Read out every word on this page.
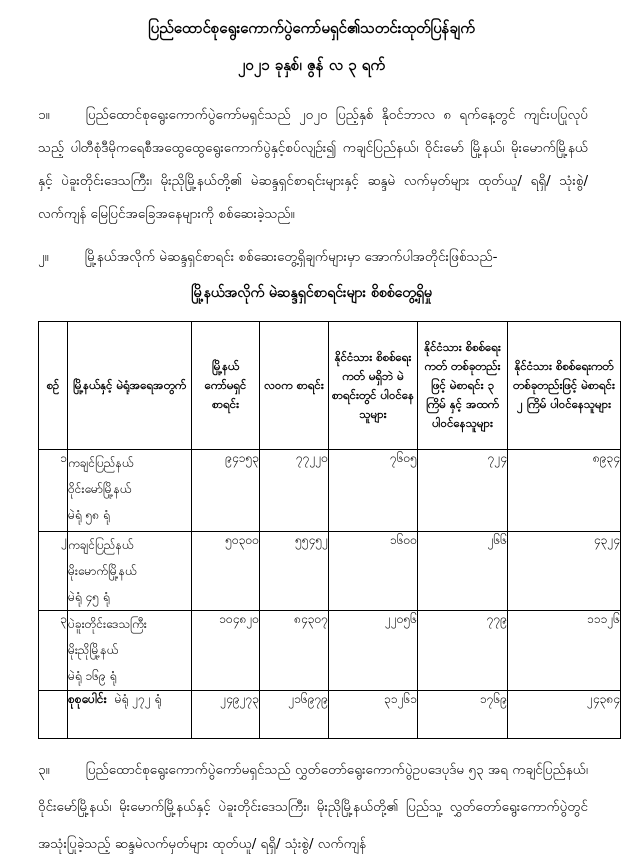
ပြည်ထောင်စုရွေးကောက်ပွဲကော်မရှင်၏သတင်းထုတ်ပြန်ချက်
၂၀၂၁ ခုနှစ်၊ ဇွန် လ ၃ ရက်

၁။	ပြည်ထောင်စုရွေးကောက်ပွဲကော်မရှင်သည် ၂၀၂၀ ပြည့်နှစ် နိုဝင်ဘာလ ၈ ရက်နေ့တွင် ကျင်းပပြုလုပ်သည့် ပါတီစုံဒီမိုကရေစီအထွေထွေရွေးကောက်ပွဲနှင့်စပ်လျဉ်း၍ ကချင်ပြည်နယ်၊ ဝိုင်းမော် မြို့နယ်၊ မိုးမောက်မြို့နယ်နှင့် ပဲခူးတိုင်းဒေသကြီး၊ မိုးညိုမြို့နယ်တို့၏ မဲဆန္ဒရှင်စာရင်းများနှင့် ဆန္ဒမဲ လက်မှတ်များ ထုတ်ယူ/ ရရှိ/ သုံးစွဲ/ လက်ကျန် မြေပြင်အခြေအနေများကို စစ်ဆေးခဲ့သည်။

၂။	မြို့နယ်အလိုက် မဲဆန္ဒရှင်စာရင်း စစ်ဆေးတွေ့ရှိချက်များမှာ အောက်ပါအတိုင်းဖြစ်သည်-

မြို့နယ်အလိုက် မဲဆန္ဒရှင်စာရင်းများ စိစစ်တွေ့ရှိမှု
စဉ်	မြို့နယ်နှင့် မဲရုံအရေအတွက်	မြို့နယ် ကော်မရှင် စာရင်း	လဝက စာရင်း	နိုင်ငံသား စိစစ်ရေးကတ် မရှိဘဲ မဲစာရင်းတွင် ပါဝင်နေသူများ	နိုင်ငံသား စိစစ်ရေးကတ် တစ်ခုတည်းဖြင့် မဲစာရင်း ၃ ကြိမ် နှင့် အထက် ပါဝင်နေသူများ	နိုင်ငံသား စိစစ်ရေးကတ် တစ်ခုတည်းဖြင့် မဲစာရင်း ၂ ကြိမ် ပါဝင်နေသူများ
၁	ကချင်ပြည်နယ်
ဝိုင်းမော်မြို့နယ်
မဲရုံ ၅၈ ရုံ	၉၄၁၅၃	၇၇၂၂၀	၇၆၀၅	၇၂၄	၈၉၃၄
၂	ကချင်ပြည်နယ်
မိုးမောက်မြို့နယ်
မဲရုံ ၄၅ ရုံ	၅၀၃၀၀	၅၅၄၅၂	၁၆၀၀	၂၆၆	၄၃၂၄
၃	ပဲခူးတိုင်းဒေသကြီး
မိုးညိုမြို့နယ်
မဲရုံ ၁၆၉ ရုံ	၁၀၄၈၂၀	၈၄၃၀၇	၂၂၀၅၆	၇၇၉	၁၁၁၂၆
	စုစုပေါင်း မဲရုံ ၂၇၂ ရုံ	၂၄၉၂၇၃	၂၁၆၉၇၉	၃၁၂၆၁	၁၇၆၉	၂၄၃၈၄

၃။	ပြည်ထောင်စုရွေးကောက်ပွဲကော်မရှင်သည် လွှတ်တော်ရွေးကောက်ပွဲဥပဒေပုဒ်မ ၅၃ အရ ကချင်ပြည်နယ်၊ ဝိုင်းမော်မြို့နယ်၊ မိုးမောက်မြို့နယ်နှင့် ပဲခူးတိုင်းဒေသကြီး၊ မိုးညိုမြို့နယ်တို့၏ ပြည်သူ့ လွှတ်တော်ရွေးကောက်ပွဲတွင် အသုံးပြုခဲ့သည့် ဆန္ဒမဲလက်မှတ်များ ထုတ်ယူ/ ရရှိ/ သုံးစွဲ/ လက်ကျန်
